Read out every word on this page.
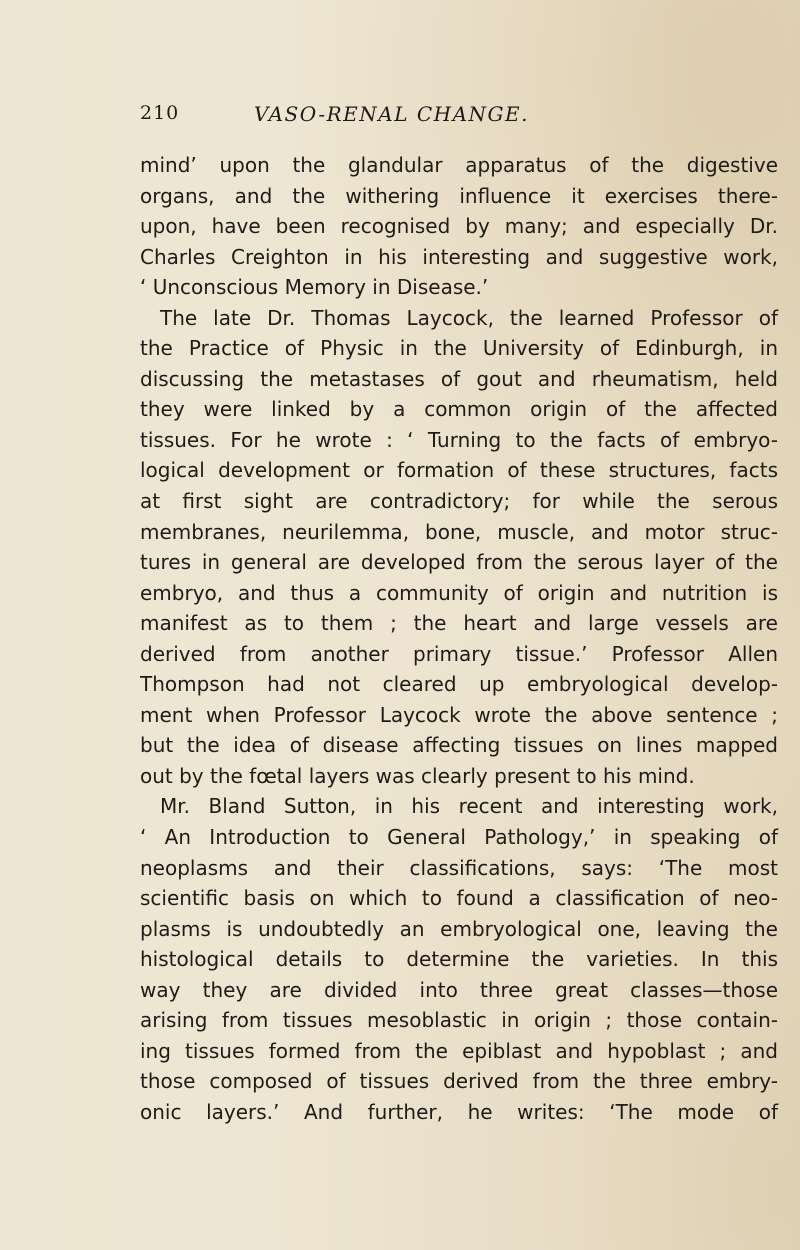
210	VASO-RENAL CHANGE.
mind’ upon the glandular apparatus of the digestive
organs, and the withering influence it exercises there-
upon, have been recognised by many; and especially Dr.
Charles Creighton in his interesting and suggestive work,
‘ Unconscious Memory in Disease.’
The late Dr. Thomas Laycock, the learned Professor of
the Practice of Physic in the University of Edinburgh, in
discussing the metastases of gout and rheumatism, held
they were linked by a common origin of the affected
tissues. For he wrote : ‘ Turning to the facts of embryo-
logical development or formation of these structures, facts
at first sight are contradictory; for while the serous
membranes, neurilemma, bone, muscle, and motor struc-
tures in general are developed from the serous layer of the
embryo, and thus a community of origin and nutrition is
manifest as to them ; the heart and large vessels are
derived from another primary tissue.’ Professor Allen
Thompson had not cleared up embryological develop-
ment when Professor Laycock wrote the above sentence ;
but the idea of disease affecting tissues on lines mapped
out by the fœtal layers was clearly present to his mind.
Mr. Bland Sutton, in his recent and interesting work,
‘ An Introduction to General Pathology,’ in speaking of
neoplasms and their classifications, says: ‘The most
scientific basis on which to found a classification of neo-
plasms is undoubtedly an embryological one, leaving the
histological details to determine the varieties. In this
way they are divided into three great classes—those
arising from tissues mesoblastic in origin ; those contain-
ing tissues formed from the epiblast and hypoblast ; and
those composed of tissues derived from the three embry-
onic layers.’ And further, he writes: ‘The mode of
